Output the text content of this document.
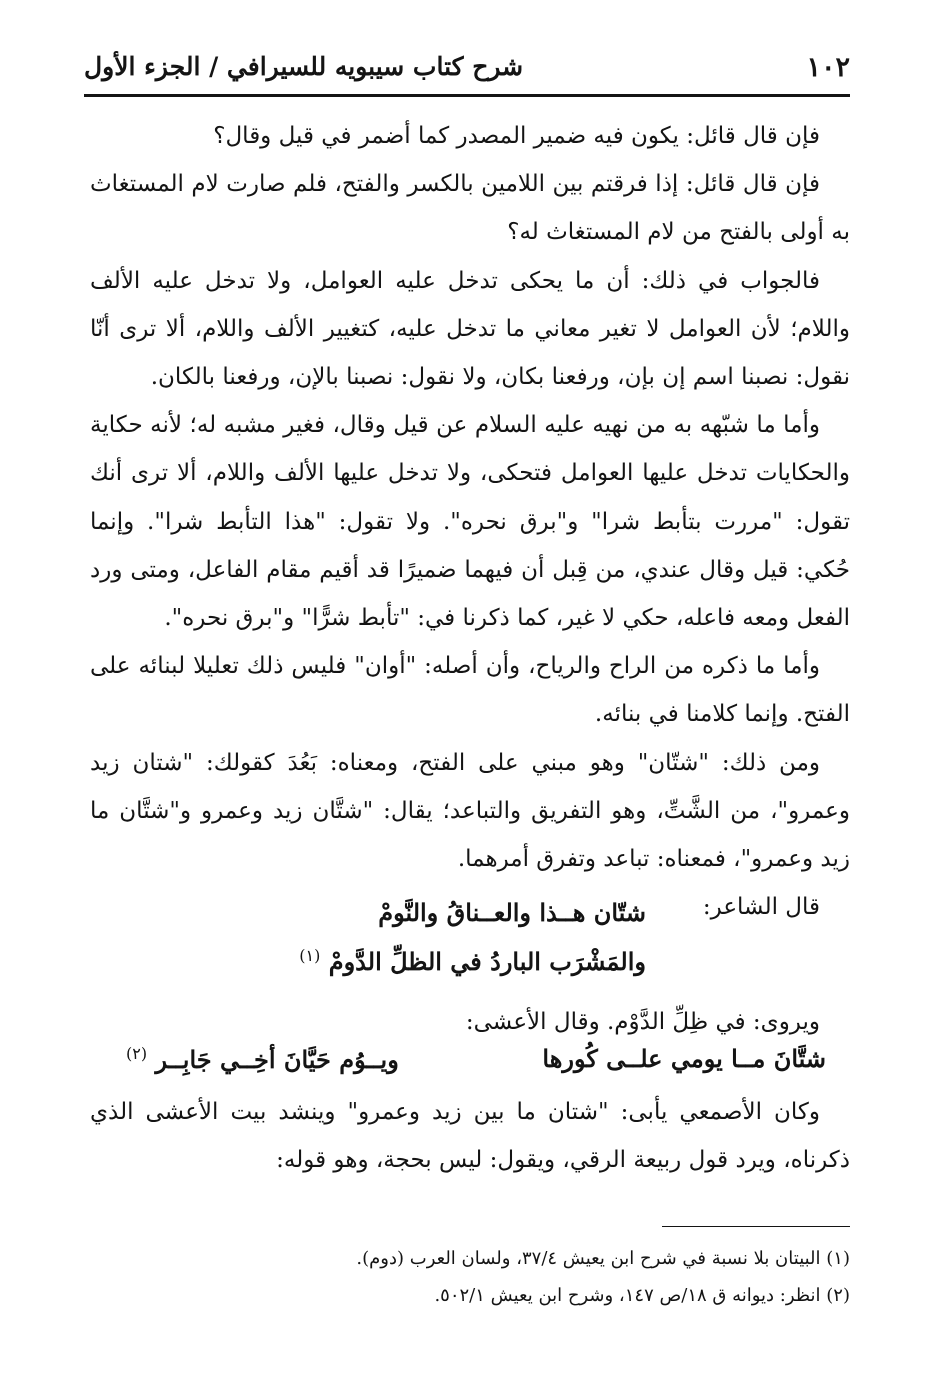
١٠٢
شرح كتاب سيبويه للسيرافي / الجزء الأول

فإن قال قائل: يكون فيه ضمير المصدر كما أضمر في قيل وقال؟

فإن قال قائل: إذا فرقتم بين اللامين بالكسر والفتح، فلم صارت لام المستغاث به أولى بالفتح من لام المستغاث له؟

فالجواب في ذلك: أن ما يحكى تدخل عليه العوامل، ولا تدخل عليه الألف واللام؛ لأن العوامل لا تغير معاني ما تدخل عليه، كتغيير الألف واللام، ألا ترى أنّا نقول: نصبنا اسم إن بإن، ورفعنا بكان، ولا نقول: نصبنا بالإن، ورفعنا بالكان.

وأما ما شبّهه به من نهيه عليه السلام عن قيل وقال، فغير مشبه له؛ لأنه حكاية والحكايات تدخل عليها العوامل فتحكى، ولا تدخل عليها الألف واللام، ألا ترى أنك تقول: "مررت بتأبط شرا" و"برق نحره". ولا تقول: "هذا التأبط شرا". وإنما حُكي: قيل وقال عندي، من قِبل أن فيهما ضميرًا قد أقيم مقام الفاعل، ومتى ورد الفعل ومعه فاعله، حكي لا غير، كما ذكرنا في: "تأبط شرًّا" و"برق نحره".

وأما ما ذكره من الراح والرياح، وأن أصله: "أوان" فليس ذلك تعليلا لبنائه على الفتح. وإنما كلامنا في بنائه.

ومن ذلك: "شتّان" وهو مبني على الفتح، ومعناه: بَعُدَ كقولك: "شتان زيد وعمرو"، من الشَّتِّ، وهو التفريق والتباعد؛ يقال: "شتَّان زيد وعمرو و"شتَّان ما زيد وعمرو"، فمعناه: تباعد وتفرق أمرهما.

قال الشاعر:

شتّان هــذا والعــناقُ والنَّومْ
والمَشْرَب الباردُ في الظلِّ الدَّومْ $^{(١)}$

ويروى: في ظِلِّ الدَّوْم. وقال الأعشى:

شتَّانَ مــا يومي علــى كُورها
ويــوُم حَيَّانَ أخِــي جَابِــر $^{(٢)}$

وكان الأصمعي يأبى: "شتان ما بين زيد وعمرو" وينشد بيت الأعشى الذي ذكرناه، ويرد قول ربيعة الرقي، ويقول: ليس بحجة، وهو قوله:

(١) البيتان بلا نسبة في شرح ابن يعيش ٣٧/٤، ولسان العرب (دوم).

(٢) انظر: ديوانه ق ١٨/ص ١٤٧، وشرح ابن يعيش ٥٠٢/١.
